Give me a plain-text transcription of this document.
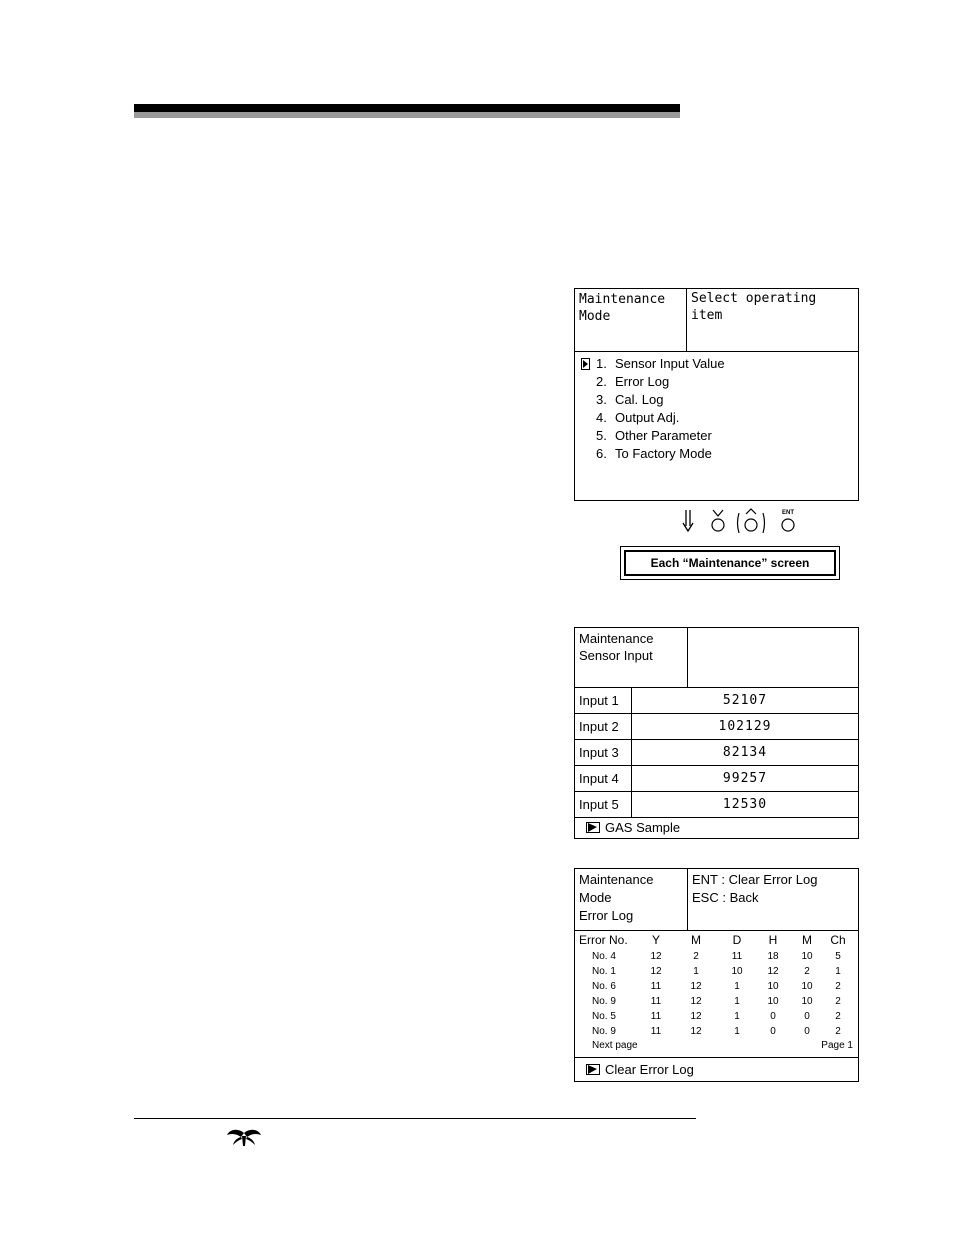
Maintenance
Mode
Select operating item
1. Sensor Input Value
2. Error Log
3. Cal. Log
4. Output Adj.
5. Other Parameter
6. To Factory Mode
ENT
Each “Maintenance” screen
Maintenance
Sensor Input
Input 1	52107
Input 2	102129
Input 3	82134
Input 4	99257
Input 5	12530
GAS Sample
Maintenance
Mode
Error Log
ENT : Clear Error Log
ESC : Back
Error No.	Y	M	D	H	M	Ch
No. 4	12	2	11	18	10	5
No. 1	12	1	10	12	2	1
No. 6	11	12	1	10	10	2
No. 9	11	12	1	10	10	2
No. 5	11	12	1	0	0	2
No. 9	11	12	1	0	0	2
Next page	Page 1
Clear Error Log
